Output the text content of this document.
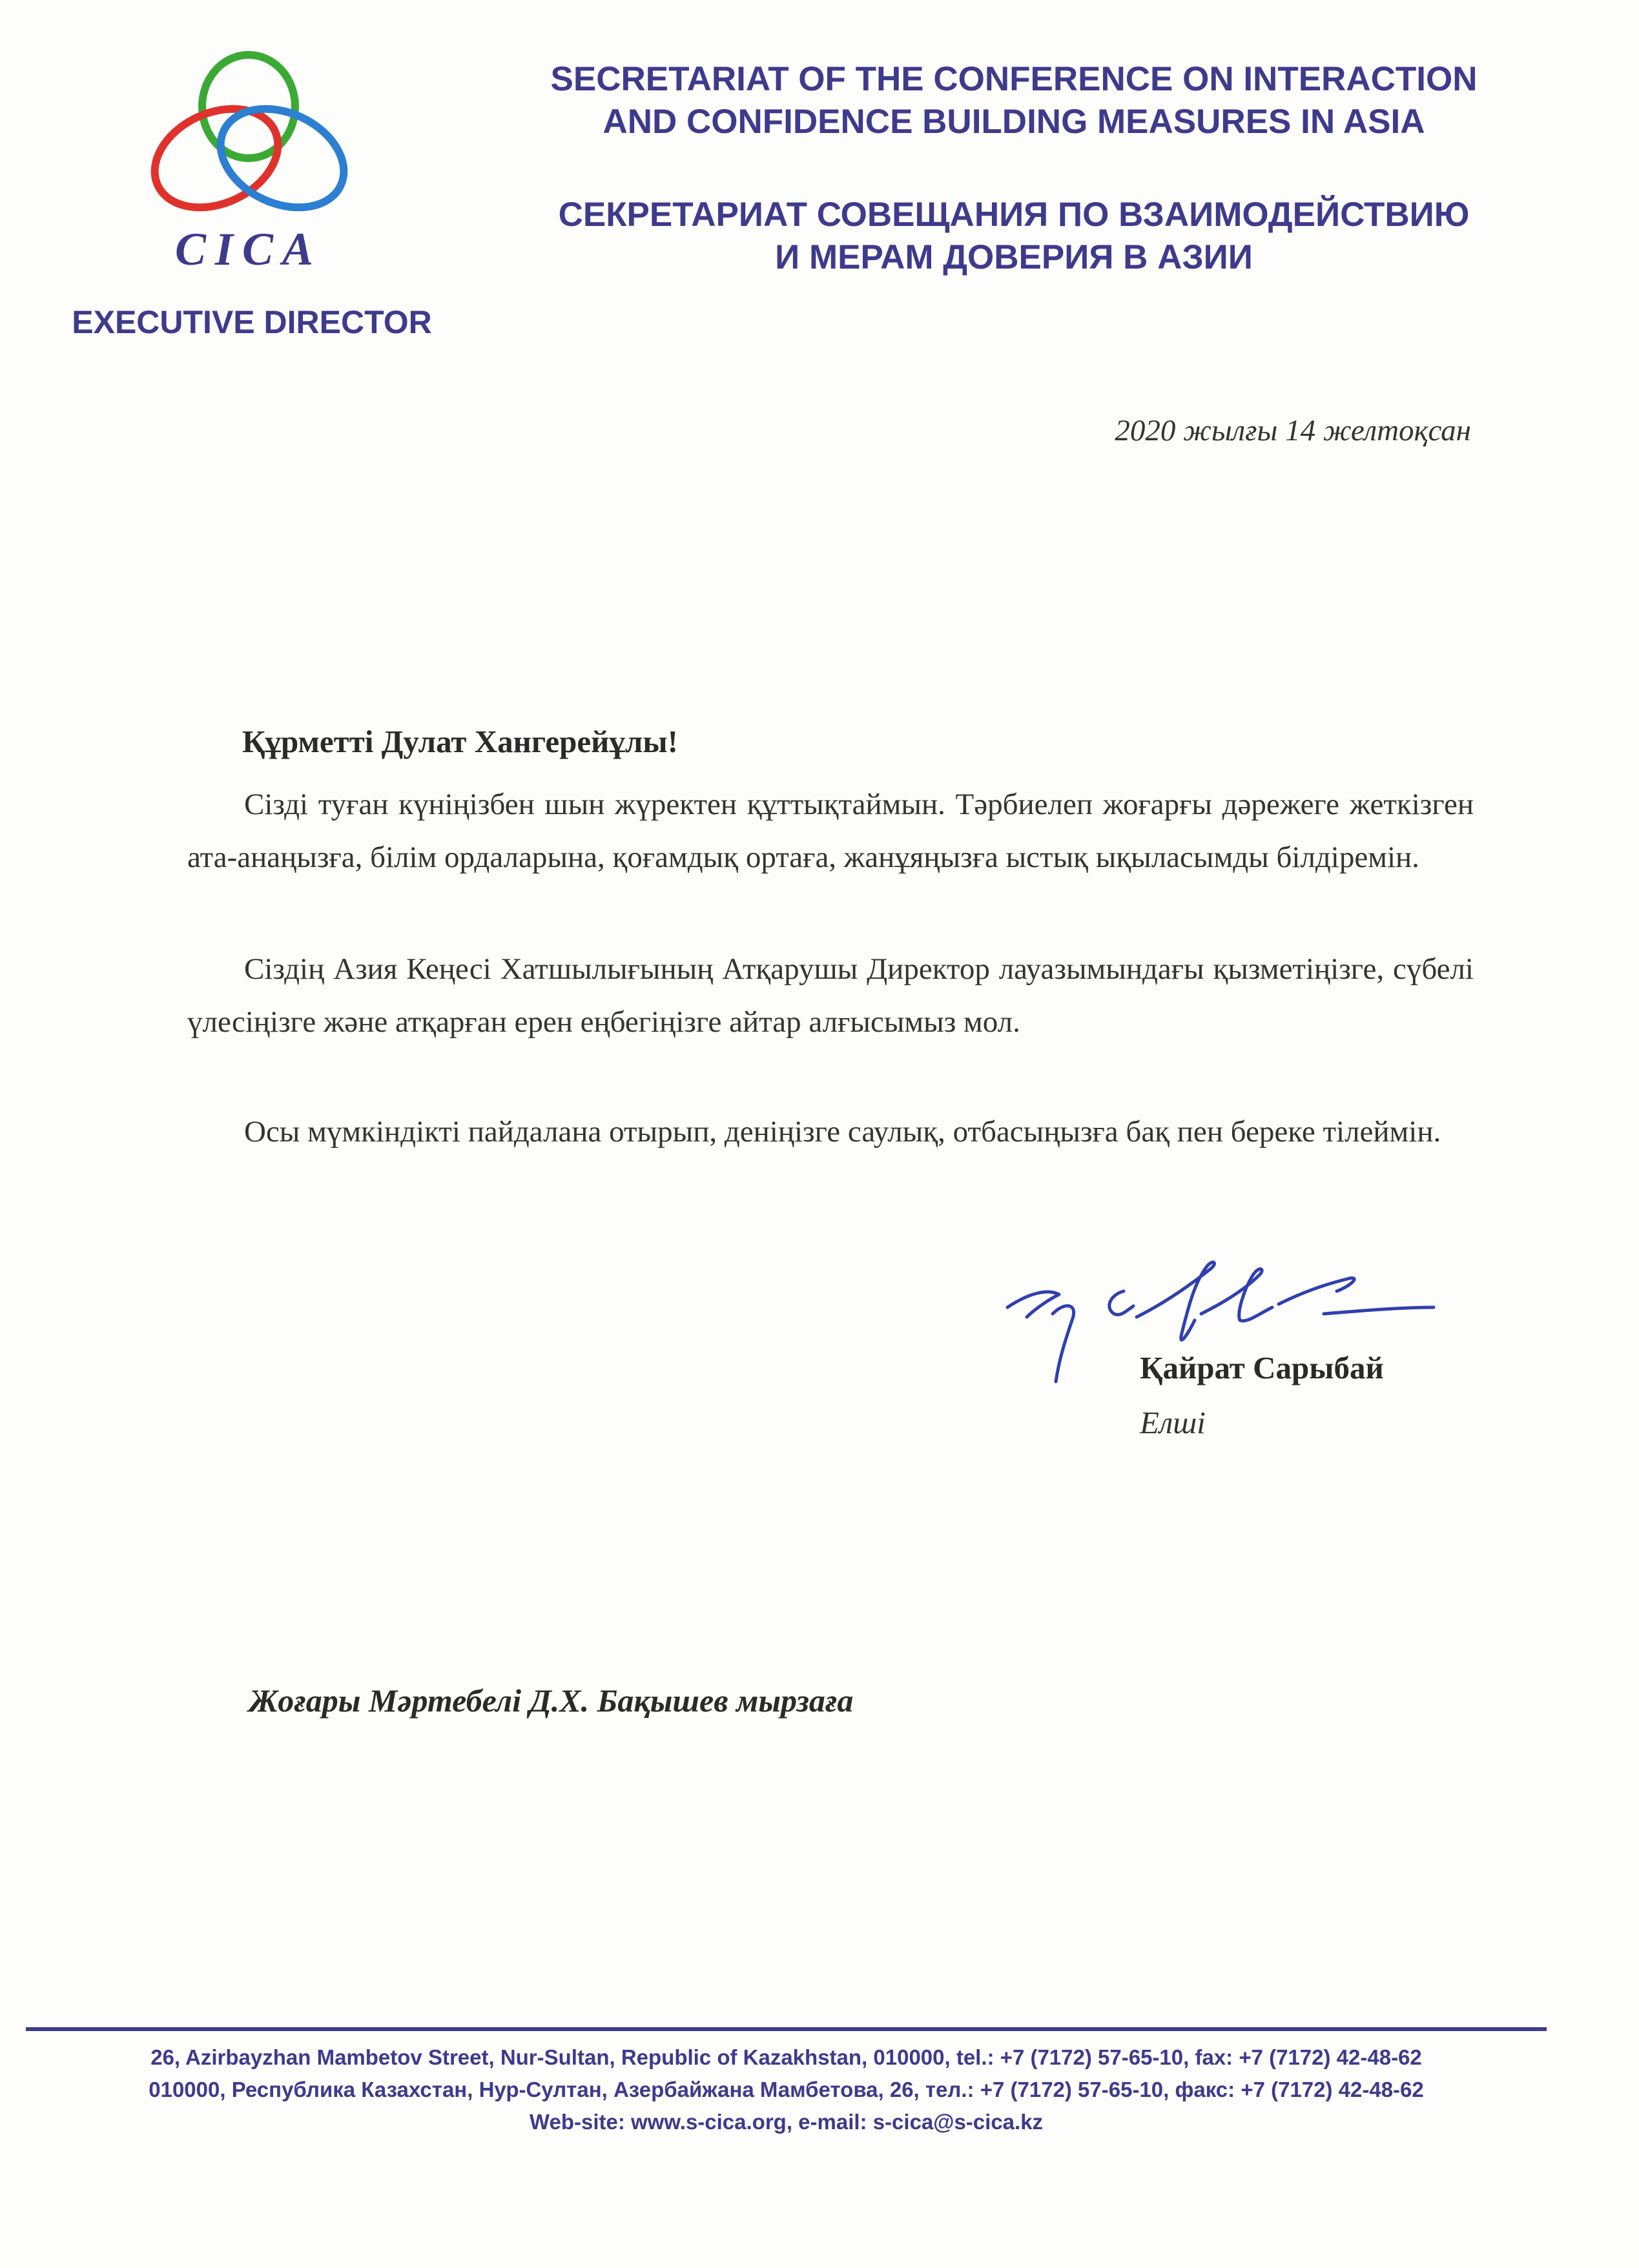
CICA
EXECUTIVE DIRECTOR
SECRETARIAT OF THE CONFERENCE ON INTERACTION
AND CONFIDENCE BUILDING MEASURES IN ASIA
СЕКРЕТАРИАТ СОВЕЩАНИЯ ПО ВЗАИМОДЕЙСТВИЮ
И МЕРАМ ДОВЕРИЯ В АЗИИ
2020 жылғы 14 желтоқсан
Құрметті Дулат Хангерейұлы!
Сізді туған күніңізбен шын жүректен құттықтаймын. Тәрбиелеп жоғарғы дәрежеге жеткізген ата-анаңызға, білім ордаларына, қоғамдық ортаға, жанұяңызға ыстық ықыласымды білдіремін.
Сіздің Азия Кеңесі Хатшылығының Атқарушы Директор лауазымындағы қызметіңізге, сүбелі үлесіңізге және атқарған ерен еңбегіңізге айтар алғысымыз мол.
Осы мүмкіндікті пайдалана отырып, деніңізге саулық, отбасыңызға бақ пен береке тілеймін.
Қайрат Сарыбай
Елші
Жоғары Мәртебелі Д.Х. Бақышев мырзаға
26, Azirbayzhan Mambetov Street, Nur-Sultan, Republic of Kazakhstan, 010000, tel.: +7 (7172) 57-65-10, fax: +7 (7172) 42-48-62
010000, Республика Казахстан, Нур-Султан, Азербайжана Мамбетова, 26, тел.: +7 (7172) 57-65-10, факс: +7 (7172) 42-48-62
Web-site: www.s-cica.org, e-mail: s-cica@s-cica.kz
